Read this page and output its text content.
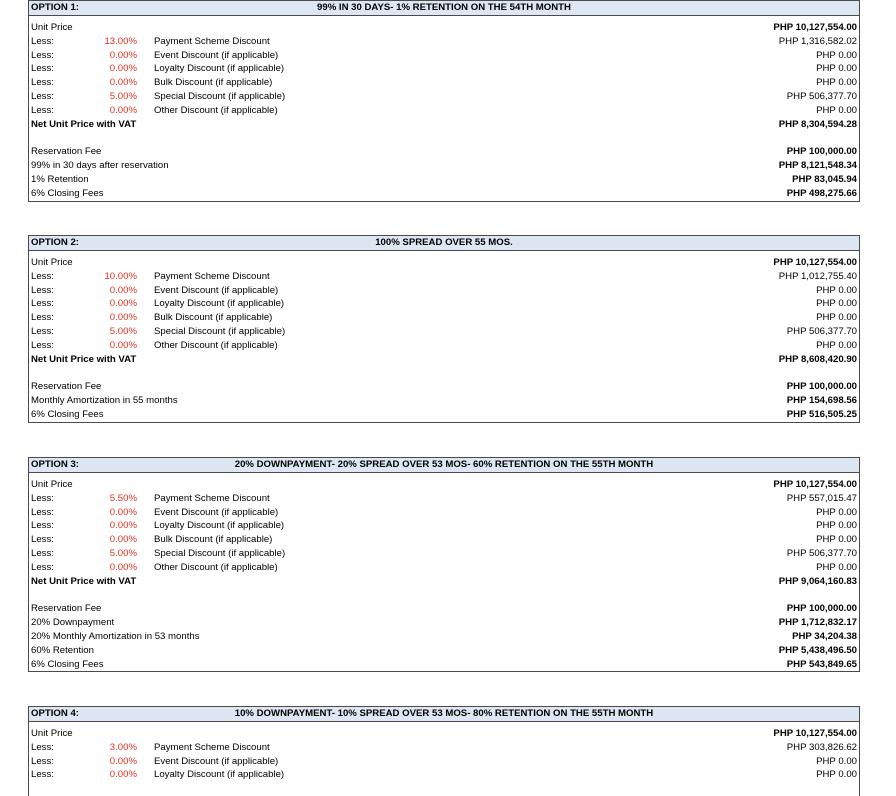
OPTION 1:	99% IN 30 DAYS- 1% RETENTION ON THE 54TH MONTH
Unit Price	PHP 10,127,554.00
Less:	13.00% Payment Scheme Discount	PHP 1,316,582.02
Less:	0.00% Event Discount (if applicable)	PHP 0.00
Less:	0.00% Loyalty Discount (if applicable)	PHP 0.00
Less:	0.00% Bulk Discount (if applicable)	PHP 0.00
Less:	5.00% Special Discount (if applicable)	PHP 506,377.70
Less:	0.00% Other Discount (if applicable)	PHP 0.00
Net Unit Price with VAT	PHP 8,304,594.28
Reservation Fee	PHP 100,000.00
99% in 30 days after reservation	PHP 8,121,548.34
1% Retention	PHP 83,045.94
6% Closing Fees	PHP 498,275.66
OPTION 2:	100% SPREAD OVER 55 MOS.
Unit Price	PHP 10,127,554.00
Less:	10.00% Payment Scheme Discount	PHP 1,012,755.40
Less:	0.00% Event Discount (if applicable)	PHP 0.00
Less:	0.00% Loyalty Discount (if applicable)	PHP 0.00
Less:	0.00% Bulk Discount (if applicable)	PHP 0.00
Less:	5.00% Special Discount (if applicable)	PHP 506,377.70
Less:	0.00% Other Discount (if applicable)	PHP 0.00
Net Unit Price with VAT	PHP 8,608,420.90
Reservation Fee	PHP 100,000.00
Monthly Amortization in 55 months	PHP 154,698.56
6% Closing Fees	PHP 516,505.25
OPTION 3:	20% DOWNPAYMENT- 20% SPREAD OVER 53 MOS- 60% RETENTION ON THE 55TH MONTH
Unit Price	PHP 10,127,554.00
Less:	5.50% Payment Scheme Discount	PHP 557,015.47
Less:	0.00% Event Discount (if applicable)	PHP 0.00
Less:	0.00% Loyalty Discount (if applicable)	PHP 0.00
Less:	0.00% Bulk Discount (if applicable)	PHP 0.00
Less:	5.00% Special Discount (if applicable)	PHP 506,377.70
Less:	0.00% Other Discount (if applicable)	PHP 0.00
Net Unit Price with VAT	PHP 9,064,160.83
Reservation Fee	PHP 100,000.00
20% Downpayment	PHP 1,712,832.17
20% Monthly Amortization in 53 months	PHP 34,204.38
60% Retention	PHP 5,438,496.50
6% Closing Fees	PHP 543,849.65
OPTION 4:	10% DOWNPAYMENT- 10% SPREAD OVER 53 MOS- 80% RETENTION ON THE 55TH MONTH
Unit Price	PHP 10,127,554.00
Less:	3.00% Payment Scheme Discount	PHP 303,826.62
Less:	0.00% Event Discount (if applicable)	PHP 0.00
Less:	0.00% Loyalty Discount (if applicable)	PHP 0.00
